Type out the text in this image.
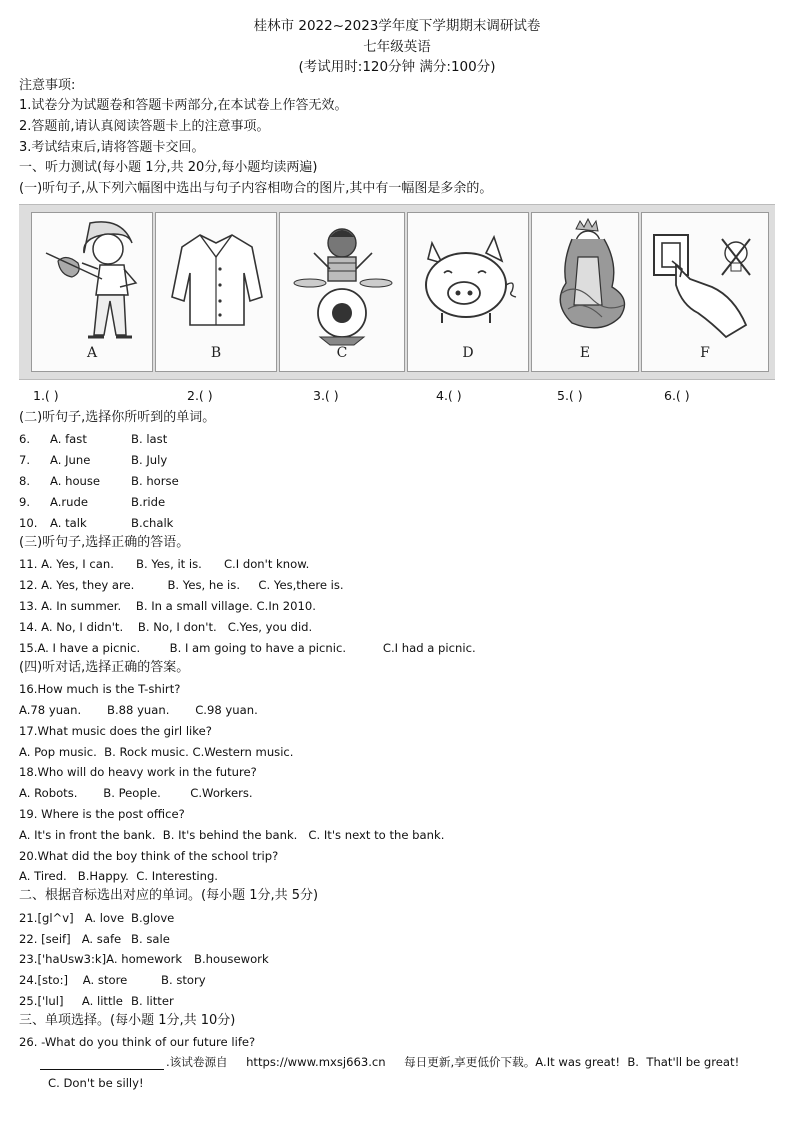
桂林市 2022~2023学年度下学期期末调研试卷
七年级英语
(考试用时:120分钟 满分:100分)
注意事项:
1.试卷分为试题卷和答题卡两部分,在本试卷上作答无效。
2.答题前,请认真阅读答题卡上的注意事项。
3.考试结束后,请将答题卡交回。
一、听力测试(每小题 1分,共 20分,每小题均读两遍)
(一)听句子,从下列六幅图中选出与句子内容相吻合的图片,其中有一幅图是多余的。
A	B	C	D	E	F
1.( )	2.( )	3.( )	4.( )	5.( )	6.( )
(二)听句子,选择你所听到的单词。
6. A. fast	B. last
7. A. June	B. July
8. A. house	B. horse
9. A.rude	B.ride
10. A. talk	B.chalk
(三)听句子,选择正确的答语。
11. A. Yes, I can.      B. Yes, it is.      C.I don't know.
12. A. Yes, they are.         B. Yes, he is.     C. Yes,there is.
13. A. In summer.    B. In a small village. C.In 2010.
14. A. No, I didn't.    B. No, I don't.   C.Yes, you did.
15.A. I have a picnic.        B. I am going to have a picnic.          C.I had a picnic.
(四)听对话,选择正确的答案。
16.How much is the T-shirt?
A.78 yuan.       B.88 yuan.       C.98 yuan.
17.What music does the girl like?
A. Pop music.  B. Rock music. C.Western music.
18.Who will do heavy work in the future?
A. Robots.       B. People.        C.Workers.
19. Where is the post office?
A. It's in front the bank.  B. It's behind the bank.   C. It's next to the bank.
20.What did the boy think of the school trip?
A. Tired.   B.Happy.  C. Interesting.
二、根据音标选出对应的单词。(每小题 1分,共 5分)
21.[gl^v]   A. love B.glove
22. [seif]   A. safe B. sale
23.['haUsw3:k]A. homework B.housework
24.[sto:]    A. store	B. story
25.['lul]     A. little B. litter
三、单项选择。(每小题 1分,共 10分)
26. -What do you think of our future life?
.该试卷源自     https://www.mxsj663.cn     每日更新,享更低价下载。A.It was great!  B.  That'll be great!
C. Don't be silly!
